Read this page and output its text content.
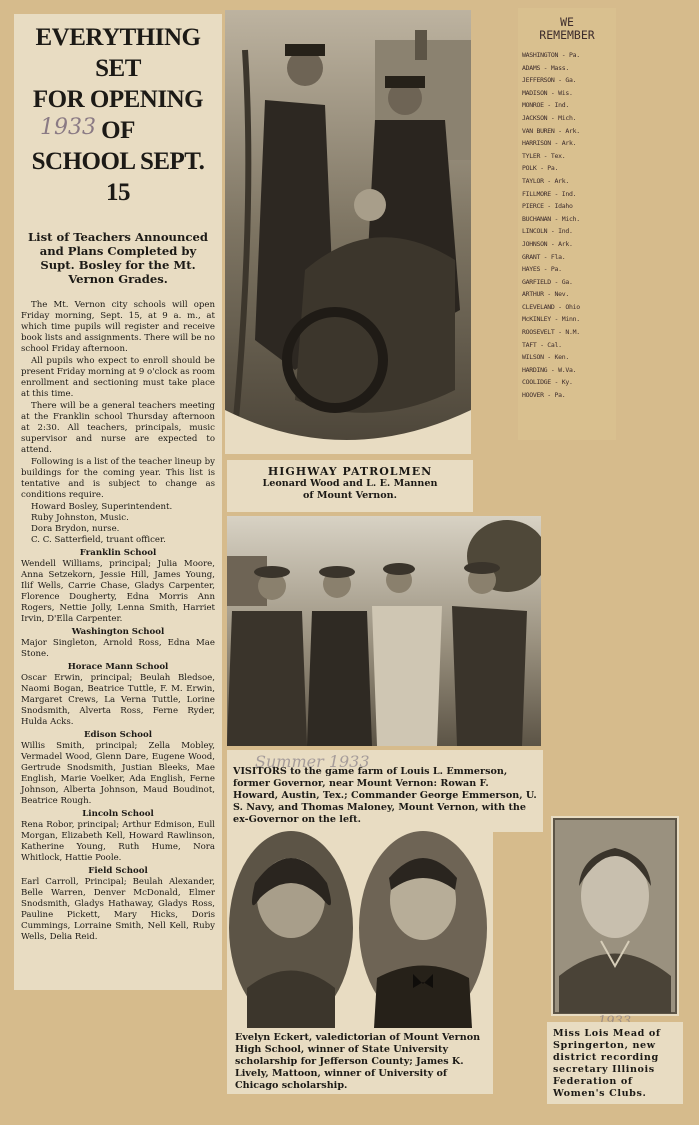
EVERYTHING SET
FOR OPENING OF
SCHOOL SEPT. 15
1933
List of Teachers Announced and Plans Completed by Supt. Bosley for the Mt. Vernon Grades.

The Mt. Vernon city schools will open Friday morning, Sept. 15, at 9 a. m., at which time pupils will register and receive book lists and assignments. There will be no school Friday afternoon.

All pupils who expect to enroll should be present Friday morning at 9 o'clock as room enrollment and sectioning must take place at this time.

There will be a general teachers meeting at the Franklin school Thursday afternoon at 2:30. All teachers, principals, music supervisor and nurse are expected to attend.

Following is a list of the teacher lineup by buildings for the coming year. This list is tentative and is subject to change as conditions require.

Howard Bosley, Superintendent.
Ruby Johnston, Music.
Dora Brydon, nurse.
C. C. Satterfield, truant officer.
Franklin School

Wendell Williams, principal; Julia Moore, Anna Setzekorn, Jessie Hill, James Young, Ilif Wells, Carrie Chase, Gladys Carpenter, Florence Dougherty, Edna Morris Ann Rogers, Nettie Jolly, Lenna Smith, Harriet Irvin, D'Ella Carpenter.

Washington School

Major Singleton, Arnold Ross, Edna Mae Stone.

Horace Mann School

Oscar Erwin, principal; Beulah Bledsoe, Naomi Bogan, Beatrice Tuttle, F. M. Erwin, Margaret Crews, La Verna Tuttle, Lorine Snodsmith, Alverta Ross, Ferne Ryder, Hulda Acks.

Edison School

Willis Smith, principal; Zella Mobley, Vermadel Wood, Glenn Dare, Eugene Wood, Gertrude Snodsmith, Justian Bleeks, Mae English, Marie Voelker, Ada English, Ferne Johnson, Alberta Johnson, Maud Boudinot, Beatrice Rough.

Lincoln School

Rena Robor, principal; Arthur Edmison, Eull Morgan, Elizabeth Kell, Howard Rawlinson, Katherine Young, Ruth Hume, Nora Whitlock, Hattie Poole.

Field School

Earl Carroll, Principal; Beulah Alexander, Belle Warren, Denver McDonald, Elmer Snodsmith, Gladys Hathaway, Gladys Ross, Pauline Pickett, Mary Hicks, Doris Cummings, Lorraine Smith, Nell Kell, Ruby Wells, Delia Reid.

HIGHWAY PATROLMEN
Leonard Wood and L. E. Mannen
of Mount Vernon.
WE
REMEMBER
WASHINGTON - Pa.
ADAMS - Mass.
JEFFERSON - Ga.
MADISON - Wis.
MONROE - Ind.
JACKSON - Mich.
VAN BUREN - Ark.
HARRISON - Ark.
TYLER - Tex.
POLK - Pa.
TAYLOR - Ark.
FILLMORE - Ind.
PIERCE - Idaho
BUCHANAN - Mich.
LINCOLN - Ind.
JOHNSON - Ark.
GRANT - Fla.
HAYES - Pa.
GARFIELD - Ga.
ARTHUR - Nev.
CLEVELAND - Ohio
McKINLEY - Minn.
ROOSEVELT - N.M.
TAFT - Cal.
WILSON - Ken.
HARDING - W.Va.
COOLIDGE - Ky.
HOOVER - Pa.
VISITORS to the game farm of Louis L. Emmerson, former Governor, near Mount Vernon: Rowan F. Howard, Austin, Tex.; Commander George Emmerson, U. S. Navy, and Thomas Maloney, Mount Vernon, with the ex-Governor on the left.
Summer 1933
Evelyn Eckert, valedictorian of Mount Vernon High School, winner of State University scholarship for Jefferson County; James K. Lively, Mattoon, winner of University of Chicago scholarship.
Miss Lois Mead of Springerton, new district recording secretary Illinois Federation of Women's Clubs.
